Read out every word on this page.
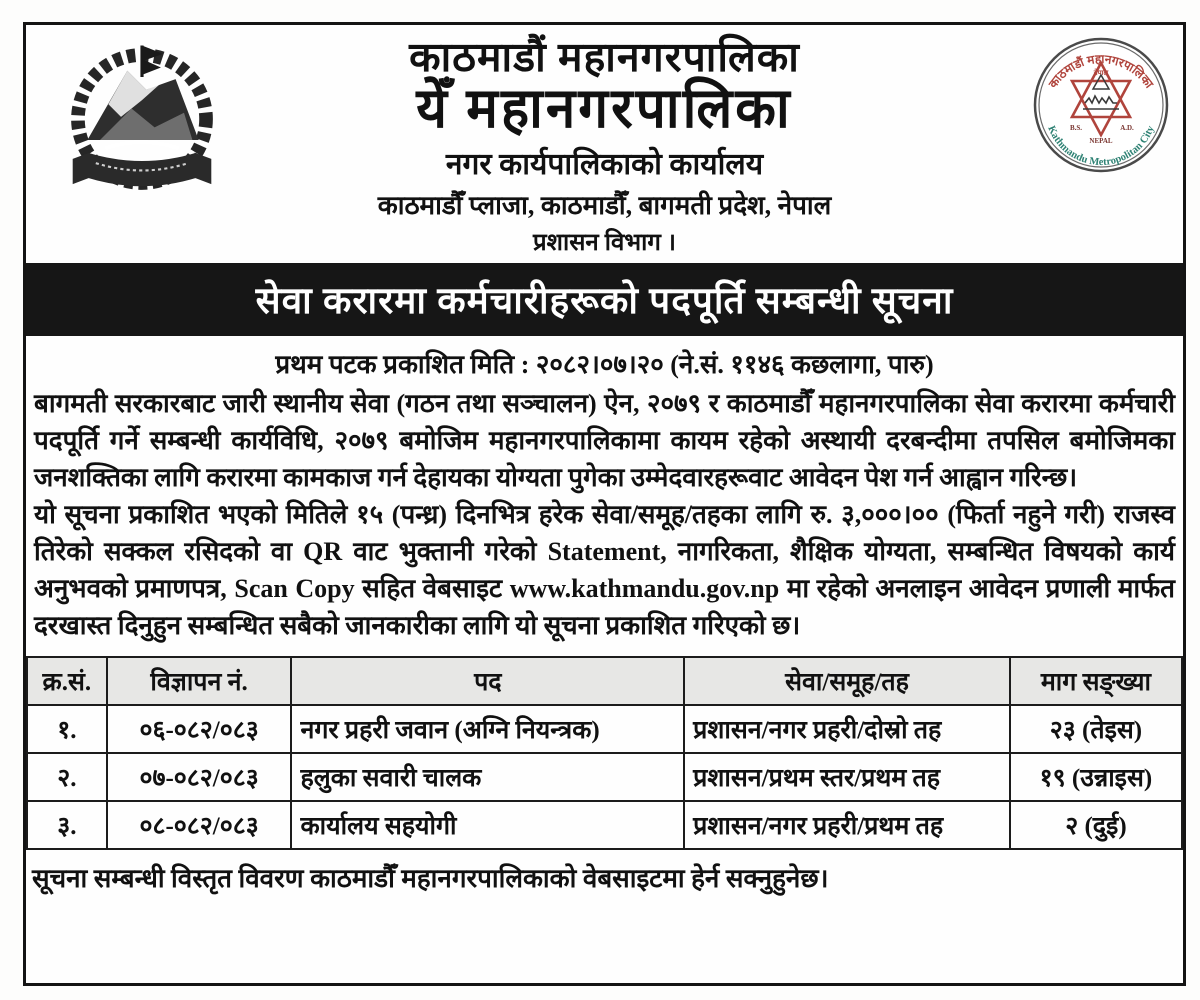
काठमाडौं महानगरपालिका
नेपाल
B.S.	A.D.
NEPAL
Kathmandu Metropolitan City
काठमाडौं महानगरपालिका
येँ महानगरपालिका
नगर कार्यपालिकाको कार्यालय
काठमाडौँ प्लाजा, काठमाडौँ, बागमती प्रदेश, नेपाल
प्रशासन विभाग ।
सेवा करारमा कर्मचारीहरूको पदपूर्ति सम्बन्धी सूचना
प्रथम पटक प्रकाशित मिति : २०८२।०७।२० (ने.सं. ११४६ कछलागा, पारु)

बागमती सरकारबाट जारी स्थानीय सेवा (गठन तथा सञ्चालन) ऐन, २०७९ र काठमाडौँ महानगरपालिका सेवा करारमा कर्मचारी पदपूर्ति गर्ने सम्बन्धी कार्यविधि, २०७९ बमोजिम महानगरपालिकामा कायम रहेको अस्थायी दरबन्दीमा तपसिल बमोजिमका जनशक्तिका लागि करारमा कामकाज गर्न देहायका योग्यता पुगेका उम्मेदवारहरूवाट आवेदन पेश गर्न आह्वान गरिन्छ।

यो सूचना प्रकाशित भएको मितिले १५ (पन्ध्र) दिनभित्र हरेक सेवा/समूह/तहका लागि रु. ३,०००।०० (फिर्ता नहुने गरी) राजस्व तिरेको सक्कल रसिदको वा QR वाट भुक्तानी गरेको Statement, नागरिकता, शैक्षिक योग्यता, सम्बन्धित विषयको कार्य अनुभवको प्रमाणपत्र, Scan Copy सहित वेबसाइट www.kathmandu.gov.np मा रहेको अनलाइन आवेदन प्रणाली मार्फत दरखास्त दिनुहुन सम्बन्धित सबैको जानकारीका लागि यो सूचना प्रकाशित गरिएको छ।

क्र.सं.	विज्ञापन नं.	पद	सेवा/समूह/तह	माग सङ्ख्या
१.	०६-०८२/०८३	नगर प्रहरी जवान (अग्नि नियन्त्रक)	प्रशासन/नगर प्रहरी/दोस्रो तह	२३ (तेइस)
२.	०७-०८२/०८३	हलुका सवारी चालक	प्रशासन/प्रथम स्तर/प्रथम तह	१९ (उन्नाइस)
३.	०८-०८२/०८३	कार्यालय सहयोगी	प्रशासन/नगर प्रहरी/प्रथम तह	२ (दुई)
सूचना सम्बन्धी विस्तृत विवरण काठमाडौँ महानगरपालिकाको वेबसाइटमा हेर्न सक्नुहुनेछ।
